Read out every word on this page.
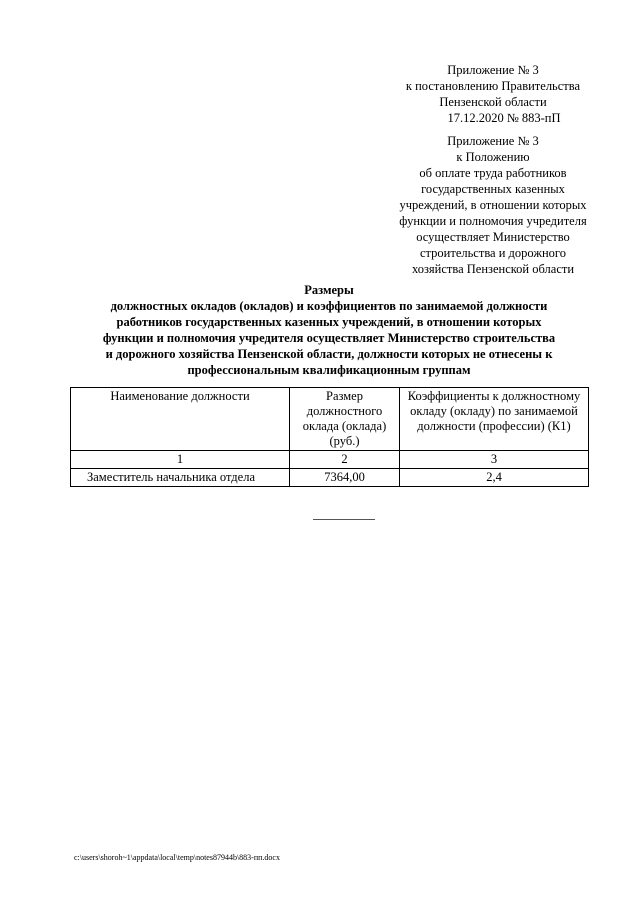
Приложение № 3
к постановлению Правительства
Пензенской области
17.12.2020 № 883-пП
Приложение № 3
к Положению
об оплате труда работников
государственных казенных
учреждений, в отношении которых
функции и полномочия учредителя
осуществляет Министерство
строительства и дорожного
хозяйства Пензенской области
Размеры
должностных окладов (окладов) и коэффициентов по занимаемой должности
работников государственных казенных учреждений, в отношении которых
функции и полномочия учредителя осуществляет Министерство строительства
и дорожного хозяйства Пензенской области, должности которых не отнесены к
профессиональным квалификационным группам
Наименование должности	Размер должностного оклада (оклада) (руб.)	Коэффициенты к должностному окладу (окладу) по занимаемой должности (профессии) (К1)
1	2	3
Заместитель начальника отдела	7364,00	2,4
c:\users\shoroh~1\appdata\local\temp\notes87944b\883-пп.docx
